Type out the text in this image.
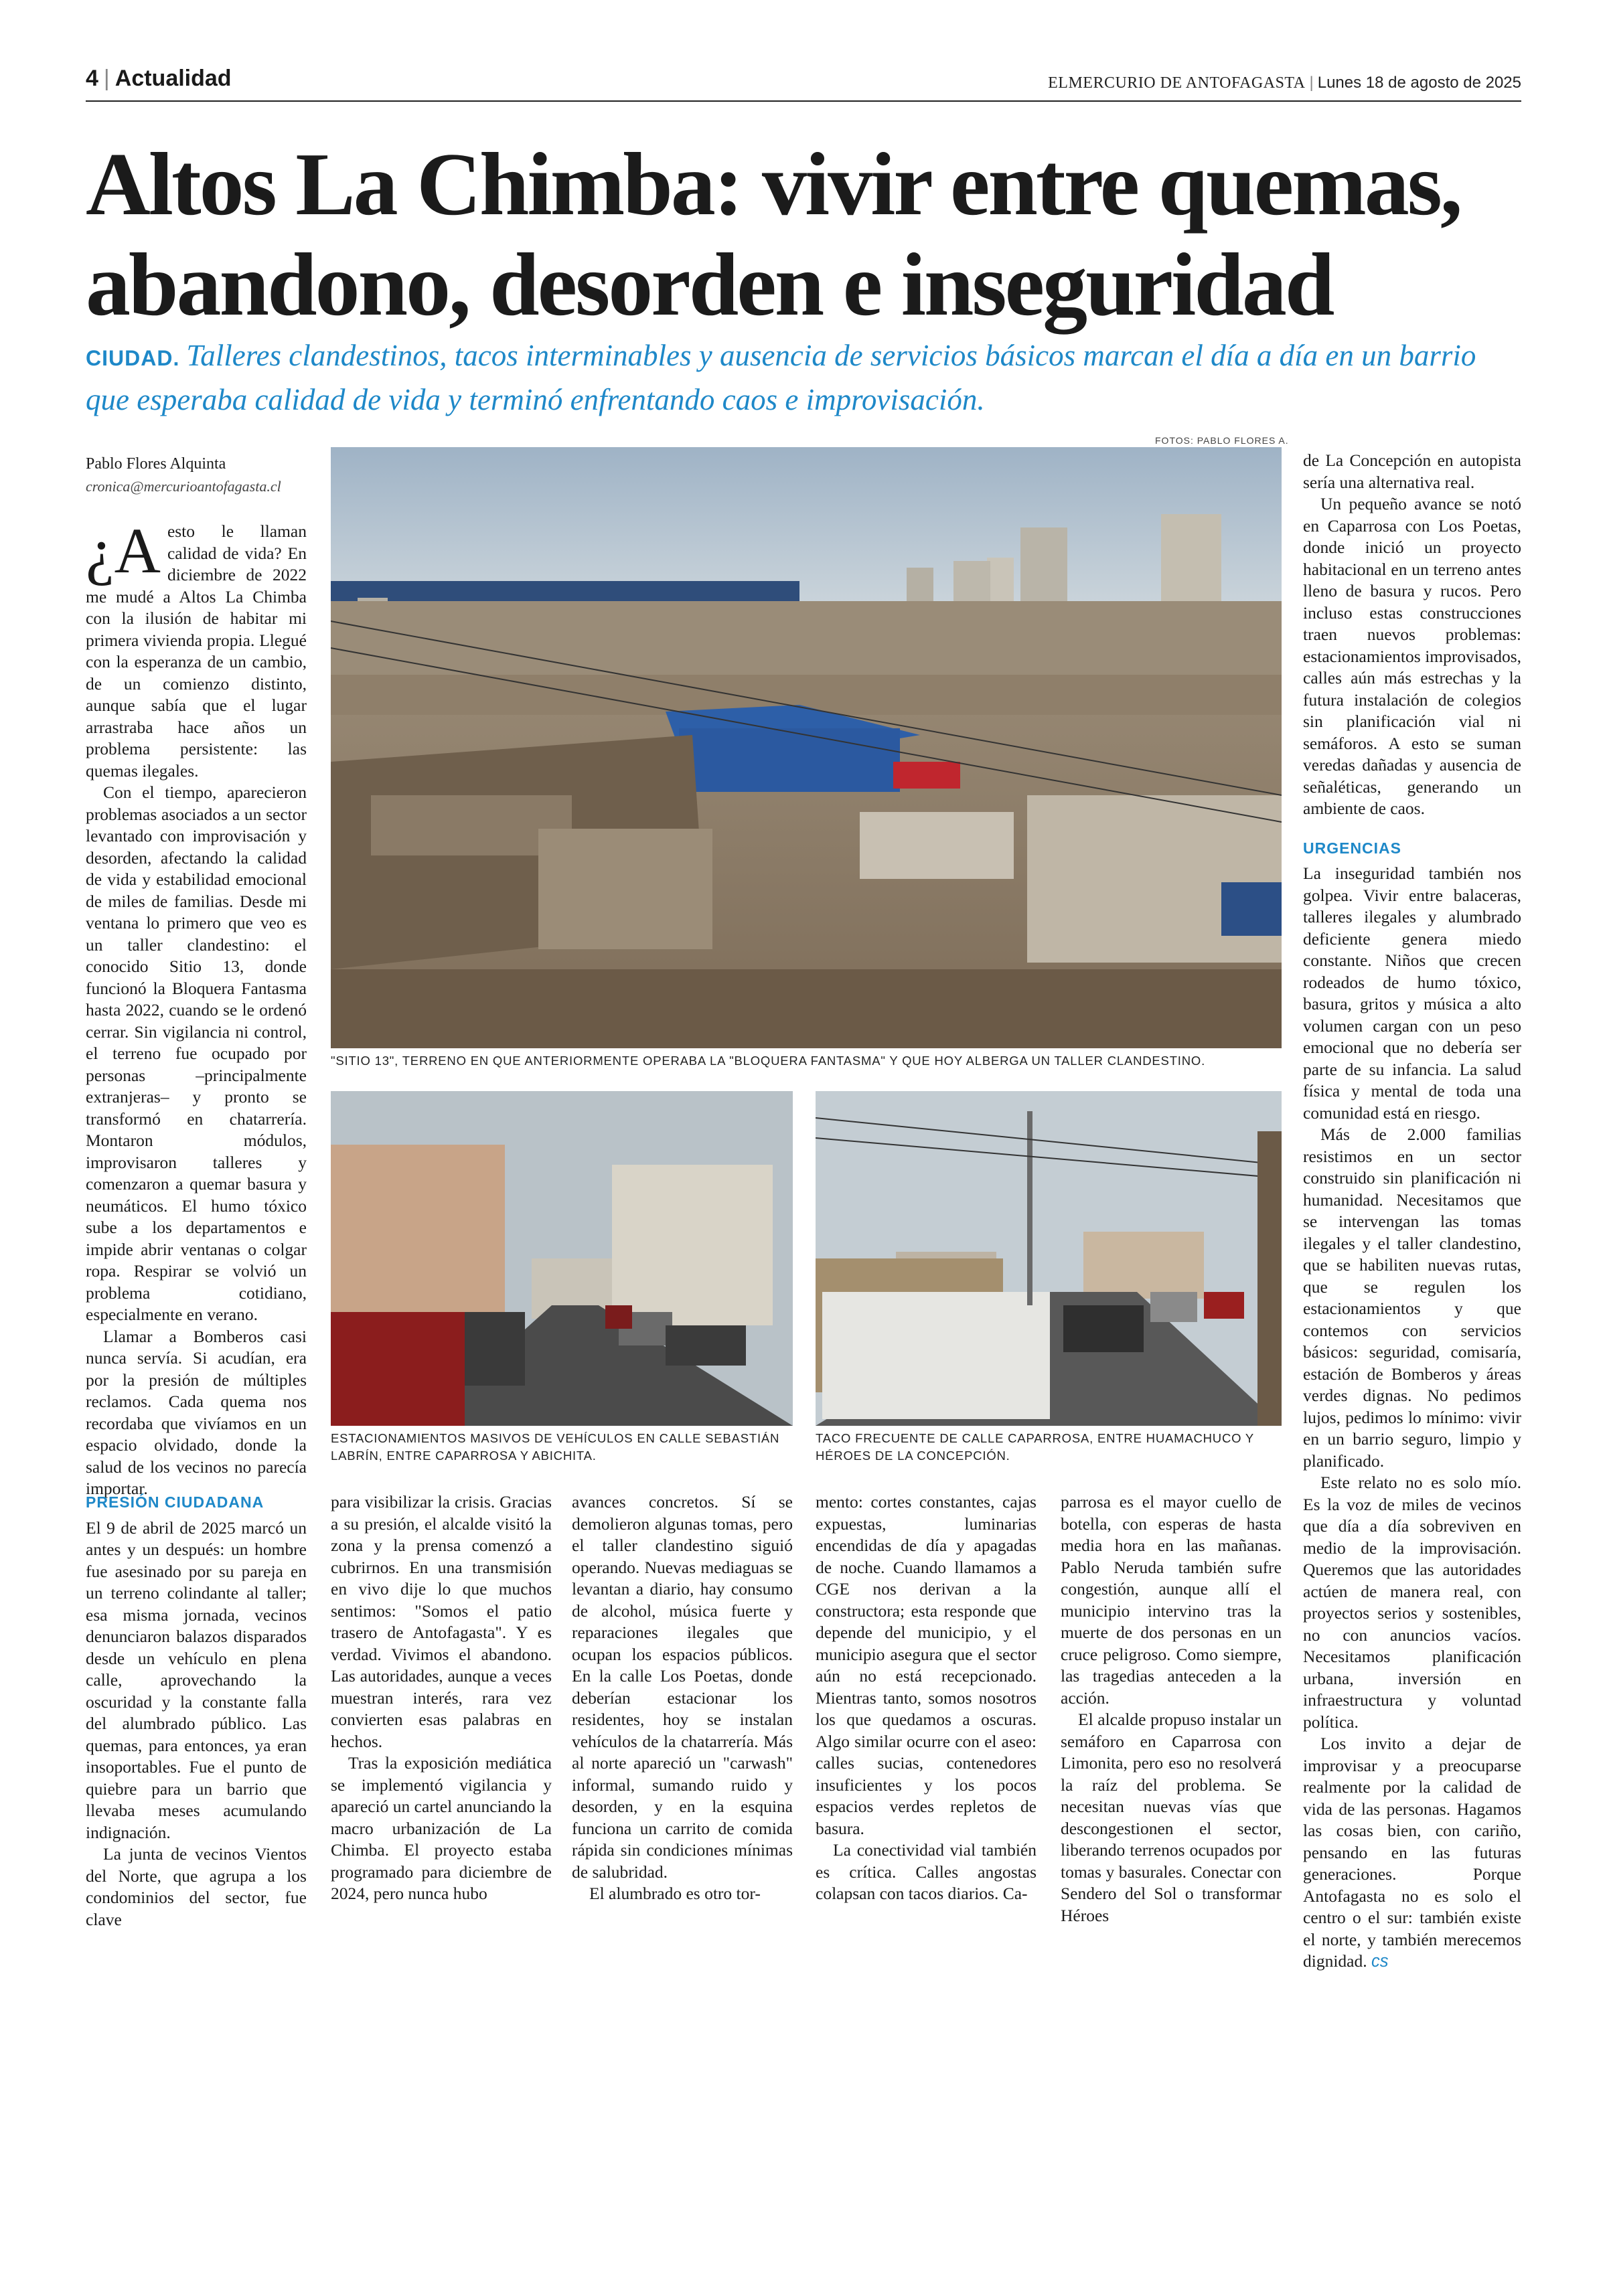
4 | Actualidad	ELMERCURIO DE ANTOFAGASTA | Lunes 18 de agosto de 2025
Altos La Chimba: vivir entre quemas,
abandono, desorden e inseguridad
CIUDAD. Talleres clandestinos, tacos interminables y ausencia de servicios básicos marcan el día a día en un barrio que esperaba calidad de vida y terminó enfrentando caos e improvisación.
Pablo Flores Alquinta
cronica@mercurioantofagasta.cl
FOTOS: PABLO FLORES A.
"SITIO 13", TERRENO EN QUE ANTERIORMENTE OPERABA LA "BLOQUERA FANTASMA" Y QUE HOY ALBERGA UN TALLER CLANDESTINO.
ESTACIONAMIENTOS MASIVOS DE VEHÍCULOS EN CALLE SEBASTIÁN LABRÍN, ENTRE CAPARROSA Y ABICHITA.
TACO FRECUENTE DE CALLE CAPARROSA, ENTRE HUAMACHUCO Y HÉROES DE LA CONCEPCIÓN.

¿A esto le llaman calidad de vida? En diciembre de 2022 me mudé a Altos La Chimba con la ilusión de habitar mi primera vivienda propia. Llegué con la esperanza de un cambio, de un comienzo distinto, aunque sabía que el lugar arrastraba hace años un problema persistente: las quemas ilegales.

Con el tiempo, aparecieron problemas asociados a un sector levantado con improvisación y desorden, afectando la calidad de vida y estabilidad emocional de miles de familias. Desde mi ventana lo primero que veo es un taller clandestino: el conocido Sitio 13, donde funcionó la Bloquera Fantasma hasta 2022, cuando se le ordenó cerrar. Sin vigilancia ni control, el terreno fue ocupado por personas –principalmente extranjeras– y pronto se transformó en chatarrería. Montaron módulos, improvisaron talleres y comenzaron a quemar basura y neumáticos. El humo tóxico sube a los departamentos e impide abrir ventanas o colgar ropa. Respirar se volvió un problema cotidiano, especialmente en verano.

Llamar a Bomberos casi nunca servía. Si acudían, era por la presión de múltiples reclamos. Cada quema nos recordaba que vivíamos en un espacio olvidado, donde la salud de los vecinos no parecía importar.

PRESIÓN CIUDADANA

El 9 de abril de 2025 marcó un antes y un después: un hombre fue asesinado por su pareja en un terreno colindante al taller; esa misma jornada, vecinos denunciaron balazos disparados desde un vehículo en plena calle, aprovechando la oscuridad y la constante falla del alumbrado público. Las quemas, para entonces, ya eran insoportables. Fue el punto de quiebre para un barrio que llevaba meses acumulando indignación.

La junta de vecinos Vientos del Norte, que agrupa a los condominios del sector, fue clave

para visibilizar la crisis. Gracias a su presión, el alcalde visitó la zona y la prensa comenzó a cubrirnos. En una transmisión en vivo dije lo que muchos sentimos: "Somos el patio trasero de Antofagasta". Y es verdad. Vivimos el abandono. Las autoridades, aunque a veces muestran interés, rara vez convierten esas palabras en hechos.

Tras la exposición mediática se implementó vigilancia y apareció un cartel anunciando la macro urbanización de La Chimba. El proyecto estaba programado para diciembre de 2024, pero nunca hubo

avances concretos. Sí se demolieron algunas tomas, pero el taller clandestino siguió operando. Nuevas mediaguas se levantan a diario, hay consumo de alcohol, música fuerte y reparaciones ilegales que ocupan los espacios públicos. En la calle Los Poetas, donde deberían estacionar los residentes, hoy se instalan vehículos de la chatarrería. Más al norte apareció un "carwash" informal, sumando ruido y desorden, y en la esquina funciona un carrito de comida rápida sin condiciones mínimas de salubridad.

El alumbrado es otro tor-

mento: cortes constantes, cajas expuestas, luminarias encendidas de día y apagadas de noche. Cuando llamamos a CGE nos derivan a la constructora; esta responde que depende del municipio, y el municipio asegura que el sector aún no está recepcionado. Mientras tanto, somos nosotros los que quedamos a oscuras. Algo similar ocurre con el aseo: calles sucias, contenedores insuficientes y los pocos espacios verdes repletos de basura.

La conectividad vial también es crítica. Calles angostas colapsan con tacos diarios. Ca-

parrosa es el mayor cuello de botella, con esperas de hasta media hora en las mañanas. Pablo Neruda también sufre congestión, aunque allí el municipio intervino tras la muerte de dos personas en un cruce peligroso. Como siempre, las tragedias anteceden a la acción.

El alcalde propuso instalar un semáforo en Caparrosa con Limonita, pero eso no resolverá la raíz del problema. Se necesitan nuevas vías que descongestionen el sector, liberando terrenos ocupados por tomas y basurales. Conectar con Sendero del Sol o transformar Héroes

de La Concepción en autopista sería una alternativa real.

Un pequeño avance se notó en Caparrosa con Los Poetas, donde inició un proyecto habitacional en un terreno antes lleno de basura y rucos. Pero incluso estas construcciones traen nuevos problemas: estacionamientos improvisados, calles aún más estrechas y la futura instalación de colegios sin planificación vial ni semáforos. A esto se suman veredas dañadas y ausencia de señaléticas, generando un ambiente de caos.

URGENCIAS

La inseguridad también nos golpea. Vivir entre balaceras, talleres ilegales y alumbrado deficiente genera miedo constante. Niños que crecen rodeados de humo tóxico, basura, gritos y música a alto volumen cargan con un peso emocional que no debería ser parte de su infancia. La salud física y mental de toda una comunidad está en riesgo.

Más de 2.000 familias resistimos en un sector construido sin planificación ni humanidad. Necesitamos que se intervengan las tomas ilegales y el taller clandestino, que se habiliten nuevas rutas, que se regulen los estacionamientos y que contemos con servicios básicos: seguridad, comisaría, estación de Bomberos y áreas verdes dignas. No pedimos lujos, pedimos lo mínimo: vivir en un barrio seguro, limpio y planificado.

Este relato no es solo mío. Es la voz de miles de vecinos que día a día sobreviven en medio de la improvisación. Queremos que las autoridades actúen de manera real, con proyectos serios y sostenibles, no con anuncios vacíos. Necesitamos planificación urbana, inversión en infraestructura y voluntad política.

Los invito a dejar de improvisar y a preocuparse realmente por la calidad de vida de las personas. Hagamos las cosas bien, con cariño, pensando en las futuras generaciones. Porque Antofagasta no es solo el centro o el sur: también existe el norte, y también merecemos dignidad. cs
